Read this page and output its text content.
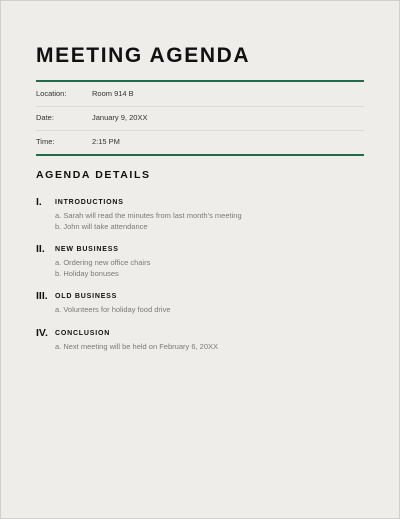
MEETING AGENDA
Location:	Room 914 B
Date:	January 9, 20XX
Time:	2:15 PM
AGENDA DETAILS
I. INTRODUCTIONS
a. Sarah will read the minutes from last month’s meeting
b. John will take attendance
II. NEW BUSINESS
a. Ordering new office chairs
b. Holiday bonuses
III. OLD BUSINESS
a. Volunteers for holiday food drive
IV. CONCLUSION
a. Next meeting will be held on February 6, 20XX
